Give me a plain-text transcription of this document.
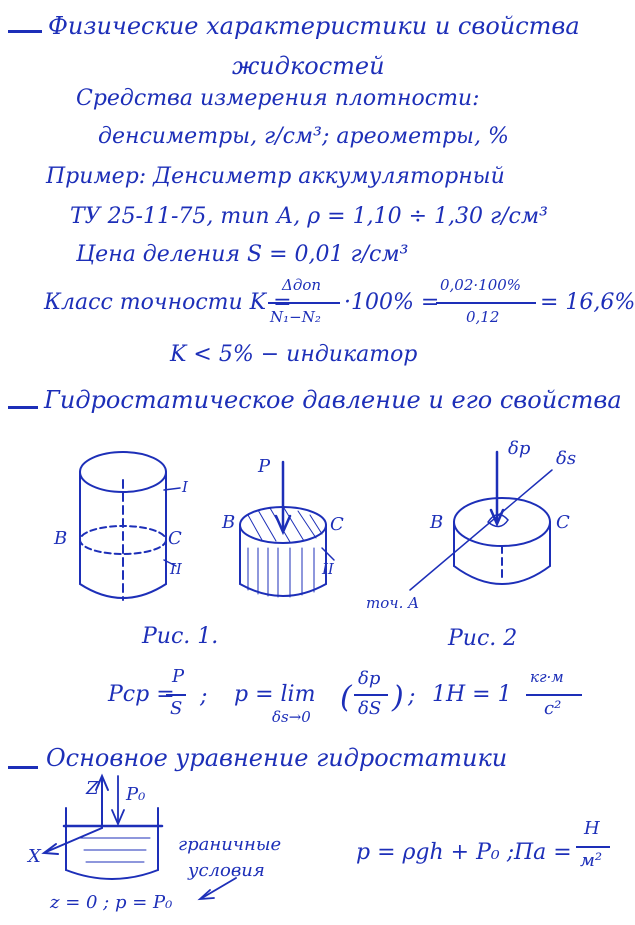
Физические характеристики и свойства
жидкостей
Средства измерения плотности:
денсиметры, г/см³; ареометры, %
Пример: Денсиметр аккумуляторный
ТУ 25-11-75, тип А, ρ = 1,10 ÷ 1,30 г/см³
Цена деления S = 0,01 г/см³
Класс точности K =
Δдоп
N₁−N₂
·100% =
0,02·100%
0,12
= 16,6%
K < 5% − индикатор
Гидростатическое давление и его свойства
B	C
I
II
Рис. 1.
P
B	C
II
δp δs
B	C
точ. A
Рис. 2
Pср =
P
S ; p = lim
δs→0
(
δp
δS ) ; 1H = 1
кг·м
c²
Основное уравнение гидростатики
Z P₀
X
граничные
условия
z = 0 ; p = P₀
p = ρgh + P₀ ; Па =
H
м²
